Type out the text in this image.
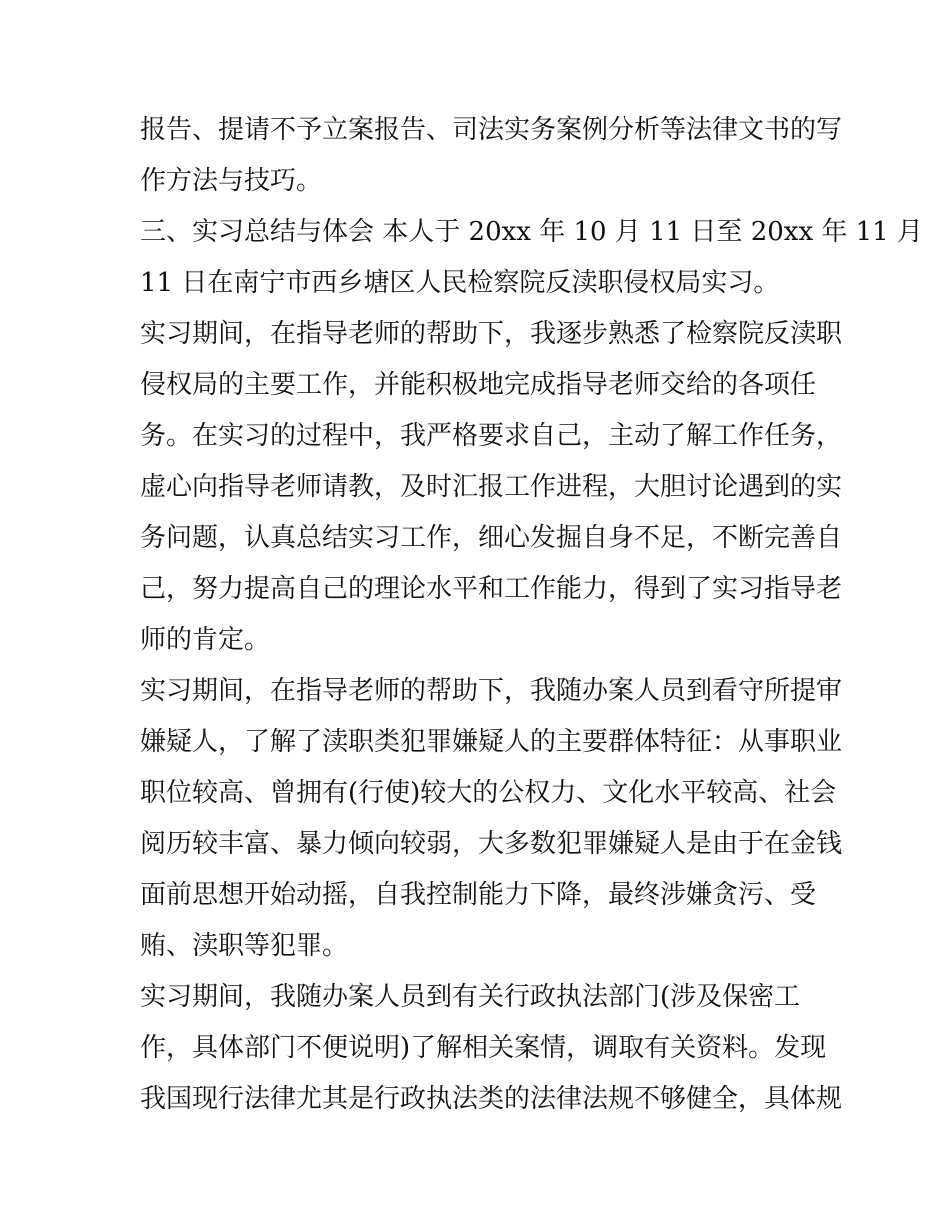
报告、提请不予立案报告、司法实务案例分析等法律文书的写
作方法与技巧。
三、实习总结与体会 本人于 20xx 年 10 月 11 日至 20xx 年 11 月
11 日在南宁市西乡塘区人民检察院反渎职侵权局实习。
实习期间，在指导老师的帮助下，我逐步熟悉了检察院反渎职
侵权局的主要工作，并能积极地完成指导老师交给的各项任
务。在实习的过程中，我严格要求自己，主动了解工作任务，
虚心向指导老师请教，及时汇报工作进程，大胆讨论遇到的实
务问题，认真总结实习工作，细心发掘自身不足，不断完善自
己，努力提高自己的理论水平和工作能力，得到了实习指导老
师的肯定。
实习期间，在指导老师的帮助下，我随办案人员到看守所提审
嫌疑人，了解了渎职类犯罪嫌疑人的主要群体特征：从事职业
职位较高、曾拥有(行使)较大的公权力、文化水平较高、社会
阅历较丰富、暴力倾向较弱，大多数犯罪嫌疑人是由于在金钱
面前思想开始动摇，自我控制能力下降，最终涉嫌贪污、受
贿、渎职等犯罪。
实习期间，我随办案人员到有关行政执法部门(涉及保密工
作，具体部门不便说明)了解相关案情，调取有关资料。发现
我国现行法律尤其是行政执法类的法律法规不够健全，具体规
